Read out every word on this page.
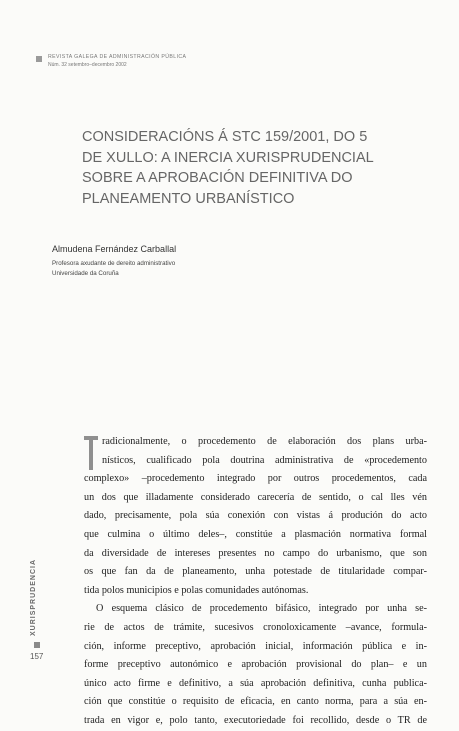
REVISTA GALEGA DE ADMINISTRACIÓN PÚBLICA
Núm. 32 setembro–decembro 2002
CONSIDERACIÓNS Á STC 159/2001, DO 5
DE XULLO: A INERCIA XURISPRUDENCIAL
SOBRE A APROBACIÓN DEFINITIVA DO
PLANEAMENTO URBANÍSTICO
Almudena Fernández Carballal
Profesora axudante de dereito administrativo
Universidade da Coruña
radicionalmente, o procedemento de elaboración dos plans urba-
nísticos, cualificado pola doutrina administrativa de «procedemento
complexo» –procedemento integrado por outros procedementos, cada
un dos que illadamente considerado carecería de sentido, o cal lles vén
dado, precisamente, pola súa conexión con vistas á produción do acto
que culmina o último deles–, constitúe a plasmación normativa formal
da diversidade de intereses presentes no campo do urbanismo, que son
os que fan da de planeamento, unha potestade de titularidade compar-
tida polos municipios e polas comunidades autónomas.
O esquema clásico de procedemento bifásico, integrado por unha se-
rie de actos de trámite, sucesivos cronoloxicamente –avance, formula-
ción, informe preceptivo, aprobación inicial, información pública e in-
forme preceptivo autonómico e aprobación provisional do plan– e un
único acto firme e definitivo, a súa aprobación definitiva, cunha publica-
ción que constitúe o requisito de eficacia, en canto norma, para a súa en-
trada en vigor e, polo tanto, executoriedade foi recollido, desde o TR de
XURISPRUDENCIA
157
